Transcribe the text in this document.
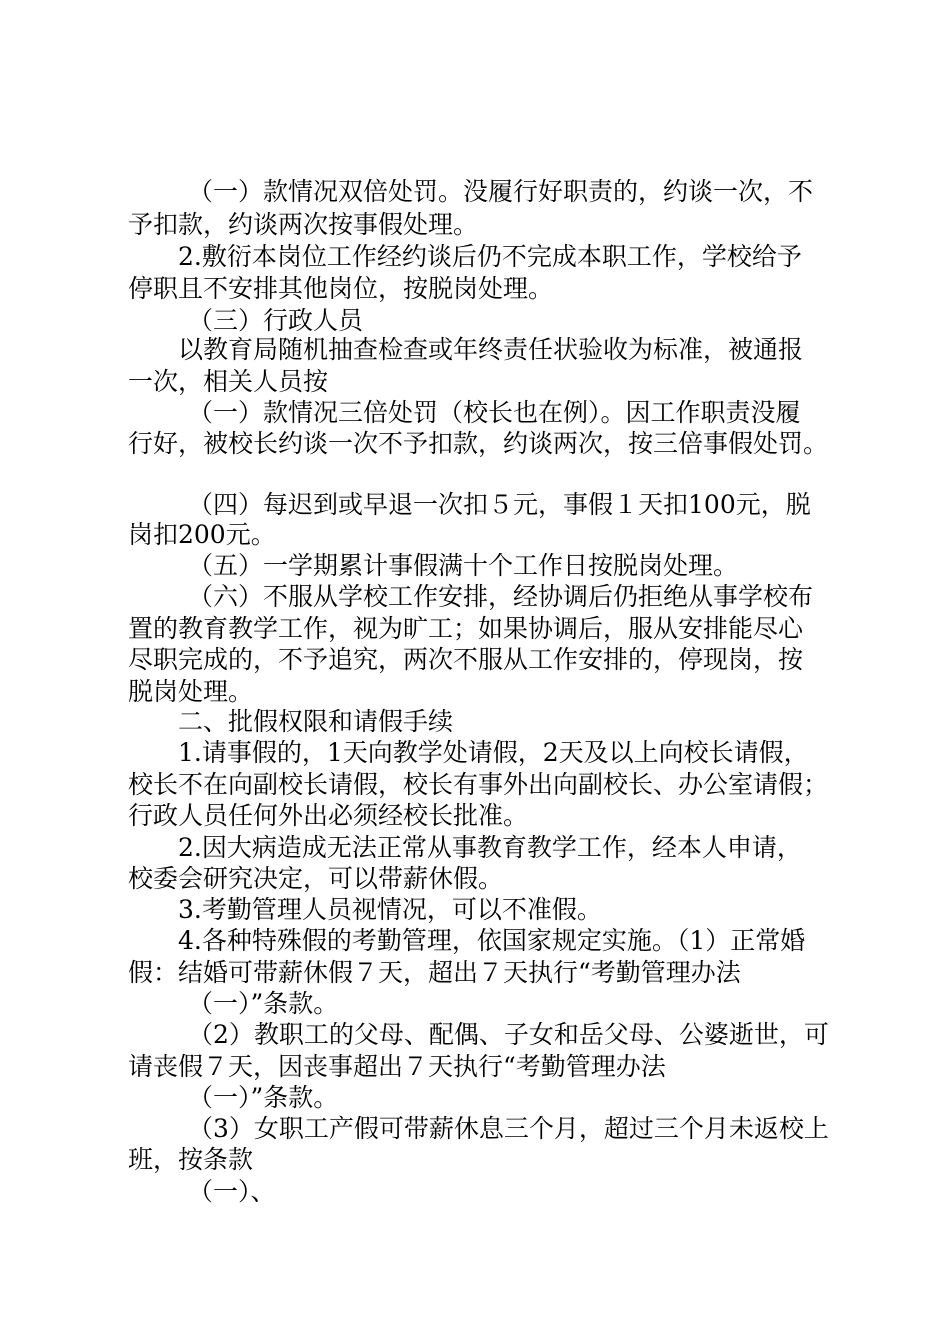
（一）款情况双倍处罚。没履行好职责的，约谈一次，不
予扣款，约谈两次按事假处理。
2.敷衍本岗位工作经约谈后仍不完成本职工作，学校给予
停职且不安排其他岗位，按脱岗处理。
（三）行政人员
以教育局随机抽查检查或年终责任状验收为标准，被通报
一次，相关人员按
（一）款情况三倍处罚（校长也在例）。因工作职责没履
行好，被校长约谈一次不予扣款，约谈两次，按三倍事假处罚。
（四）每迟到或早退一次扣５元，事假１天扣100元，脱
岗扣200元。
（五）一学期累计事假满十个工作日按脱岗处理。
（六）不服从学校工作安排，经协调后仍拒绝从事学校布
置的教育教学工作，视为旷工；如果协调后，服从安排能尽心
尽职完成的，不予追究，两次不服从工作安排的，停现岗，按
脱岗处理。
二、批假权限和请假手续
1.请事假的，1天向教学处请假，2天及以上向校长请假，
校长不在向副校长请假，校长有事外出向副校长、办公室请假；
行政人员任何外出必须经校长批准。
2.因大病造成无法正常从事教育教学工作，经本人申请，
校委会研究决定，可以带薪休假。
3.考勤管理人员视情况，可以不准假。
4.各种特殊假的考勤管理，依国家规定实施。（1）正常婚
假：结婚可带薪休假７天，超出７天执行“考勤管理办法
（一）”条款。
（2）教职工的父母、配偶、子女和岳父母、公婆逝世，可
请丧假７天，因丧事超出７天执行“考勤管理办法
（一）”条款。
（3）女职工产假可带薪休息三个月，超过三个月未返校上
班，按条款
（一）、
